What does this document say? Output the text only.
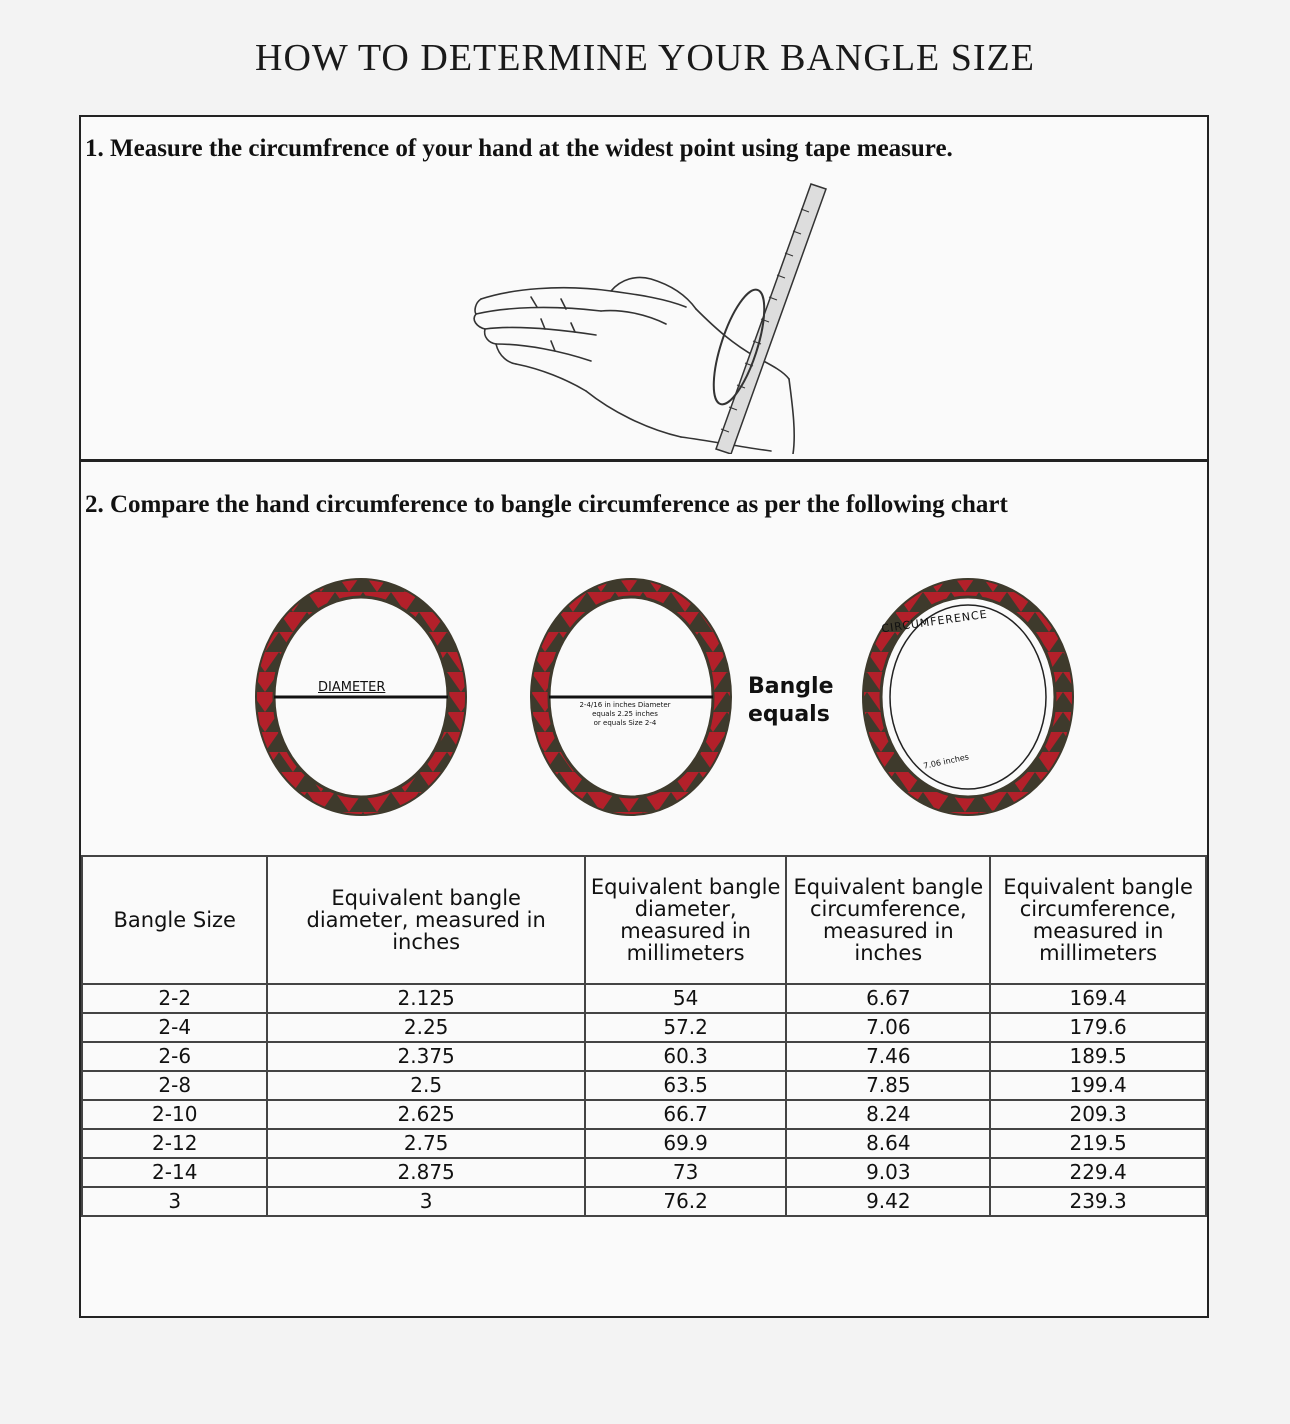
HOW TO DETERMINE YOUR BANGLE SIZE
1. Measure the circumfrence of your hand at the widest point using tape measure.
2. Compare the hand circumference to bangle circumference as per the following chart
DIAMETER
2-4/16 in inches Diameter
equals 2.25 inches
or equals Size 2-4
Bangle
equals
CIRCUMFERENCE
7.06 inches
Bangle Size	Equivalent bangle diameter, measured in inches	Equivalent bangle diameter, measured in millimeters	Equivalent bangle circumference, measured in inches	Equivalent bangle circumference, measured in millimeters
2-2	2.125	54	6.67	169.4
2-4	2.25	57.2	7.06	179.6
2-6	2.375	60.3	7.46	189.5
2-8	2.5	63.5	7.85	199.4
2-10	2.625	66.7	8.24	209.3
2-12	2.75	69.9	8.64	219.5
2-14	2.875	73	9.03	229.4
3	3	76.2	9.42	239.3
